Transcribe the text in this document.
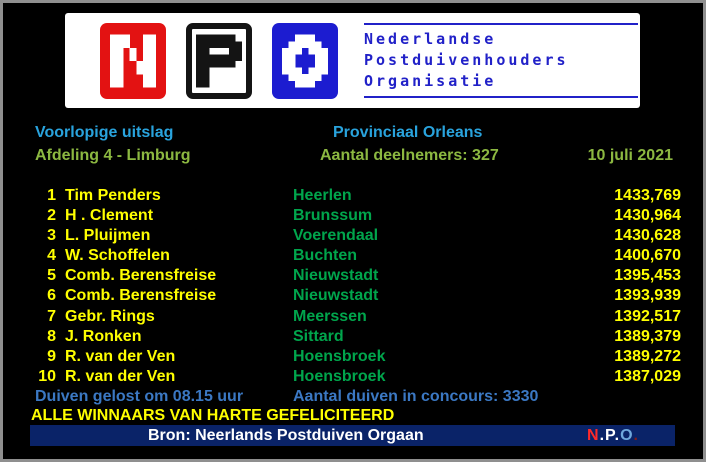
Nederlandse
Postduivenhouders
Organisatie
Voorlopige uitslag	Provinciaal Orleans
Afdeling 4 - Limburg	Aantal deelnemers: 327	10 juli 2021
1 Tim Penders	Heerlen	1433,769
2 H . Clement	Brunssum	1430,964
3 L. Pluijmen	Voerendaal	1430,628
4 W. Schoffelen	Buchten	1400,670
5 Comb. Berensfreise	Nieuwstadt	1395,453
6 Comb. Berensfreise	Nieuwstadt	1393,939
7 Gebr. Rings	Meerssen	1392,517
8 J. Ronken	Sittard	1389,379
9 R. van der Ven	Hoensbroek	1389,272
10 R. van der Ven	Hoensbroek	1387,029
Duiven gelost om 08.15 uur	Aantal duiven in concours: 3330
ALLE WINNAARS VAN HARTE GEFELICITEERD
Bron: Neerlands Postduiven Orgaan	N.P.O.
